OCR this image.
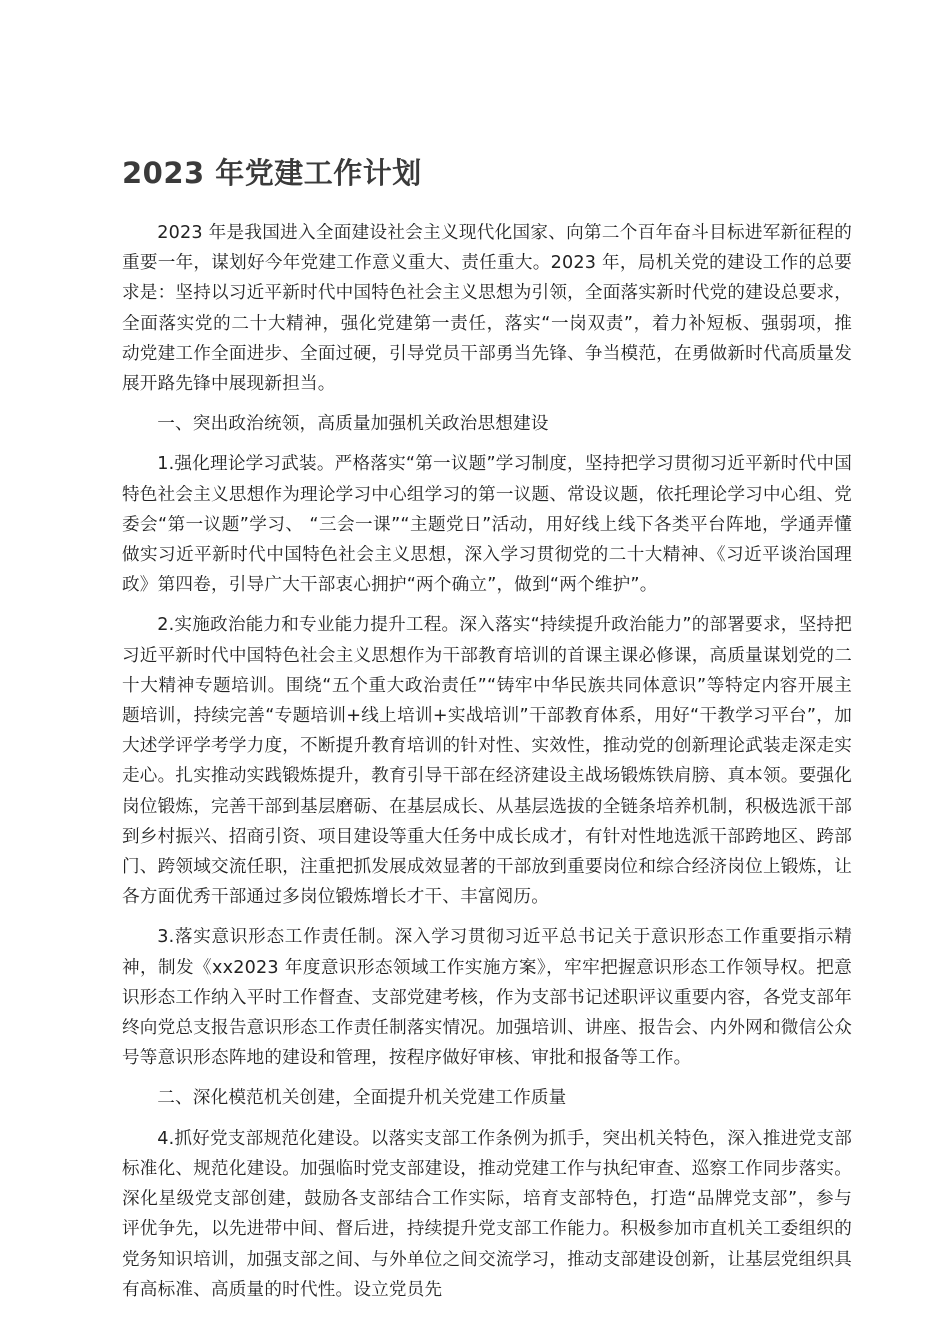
2023 年党建工作计划

2023 年是我国进入全面建设社会主义现代化国家、向第二个百年奋斗目标进军新征程的重要一年，谋划好今年党建工作意义重大、责任重大。2023 年，局机关党的建设工作的总要求是：坚持以习近平新时代中国特色社会主义思想为引领，全面落实新时代党的建设总要求，全面落实党的二十大精神，强化党建第一责任，落实“一岗双责”，着力补短板、强弱项，推动党建工作全面进步、全面过硬，引导党员干部勇当先锋、争当模范，在勇做新时代高质量发展开路先锋中展现新担当。

一、突出政治统领，高质量加强机关政治思想建设

1.强化理论学习武装。严格落实“第一议题”学习制度，坚持把学习贯彻习近平新时代中国特色社会主义思想作为理论学习中心组学习的第一议题、常设议题，依托理论学习中心组、党委会“第一议题”学习、 “三会一课”“主题党日”活动，用好线上线下各类平台阵地，学通弄懂做实习近平新时代中国特色社会主义思想，深入学习贯彻党的二十大精神、《习近平谈治国理政》第四卷，引导广大干部衷心拥护“两个确立”，做到“两个维护”。

2.实施政治能力和专业能力提升工程。深入落实“持续提升政治能力”的部署要求，坚持把习近平新时代中国特色社会主义思想作为干部教育培训的首课主课必修课，高质量谋划党的二十大精神专题培训。围绕“五个重大政治责任”“铸牢中华民族共同体意识”等特定内容开展主题培训，持续完善“专题培训+线上培训+实战培训”干部教育体系，用好“干教学习平台”，加大述学评学考学力度，不断提升教育培训的针对性、实效性，推动党的创新理论武装走深走实走心。扎实推动实践锻炼提升，教育引导干部在经济建设主战场锻炼铁肩膀、真本领。要强化岗位锻炼，完善干部到基层磨砺、在基层成长、从基层选拔的全链条培养机制，积极选派干部到乡村振兴、招商引资、项目建设等重大任务中成长成才，有针对性地选派干部跨地区、跨部门、跨领域交流任职，注重把抓发展成效显著的干部放到重要岗位和综合经济岗位上锻炼，让各方面优秀干部通过多岗位锻炼增长才干、丰富阅历。

3.落实意识形态工作责任制。深入学习贯彻习近平总书记关于意识形态工作重要指示精神，制发《xx2023 年度意识形态领域工作实施方案》，牢牢把握意识形态工作领导权。把意识形态工作纳入平时工作督查、支部党建考核，作为支部书记述职评议重要内容，各党支部年终向党总支报告意识形态工作责任制落实情况。加强培训、讲座、报告会、内外网和微信公众号等意识形态阵地的建设和管理，按程序做好审核、审批和报备等工作。

二、深化模范机关创建，全面提升机关党建工作质量

4.抓好党支部规范化建设。以落实支部工作条例为抓手，突出机关特色，深入推进党支部标准化、规范化建设。加强临时党支部建设，推动党建工作与执纪审查、巡察工作同步落实。深化星级党支部创建，鼓励各支部结合工作实际，培育支部特色，打造“品牌党支部”，参与评优争先，以先进带中间、督后进，持续提升党支部工作能力。积极参加市直机关工委组织的党务知识培训，加强支部之间、与外单位之间交流学习，推动支部建设创新，让基层党组织具有高标准、高质量的时代性。设立党员先
